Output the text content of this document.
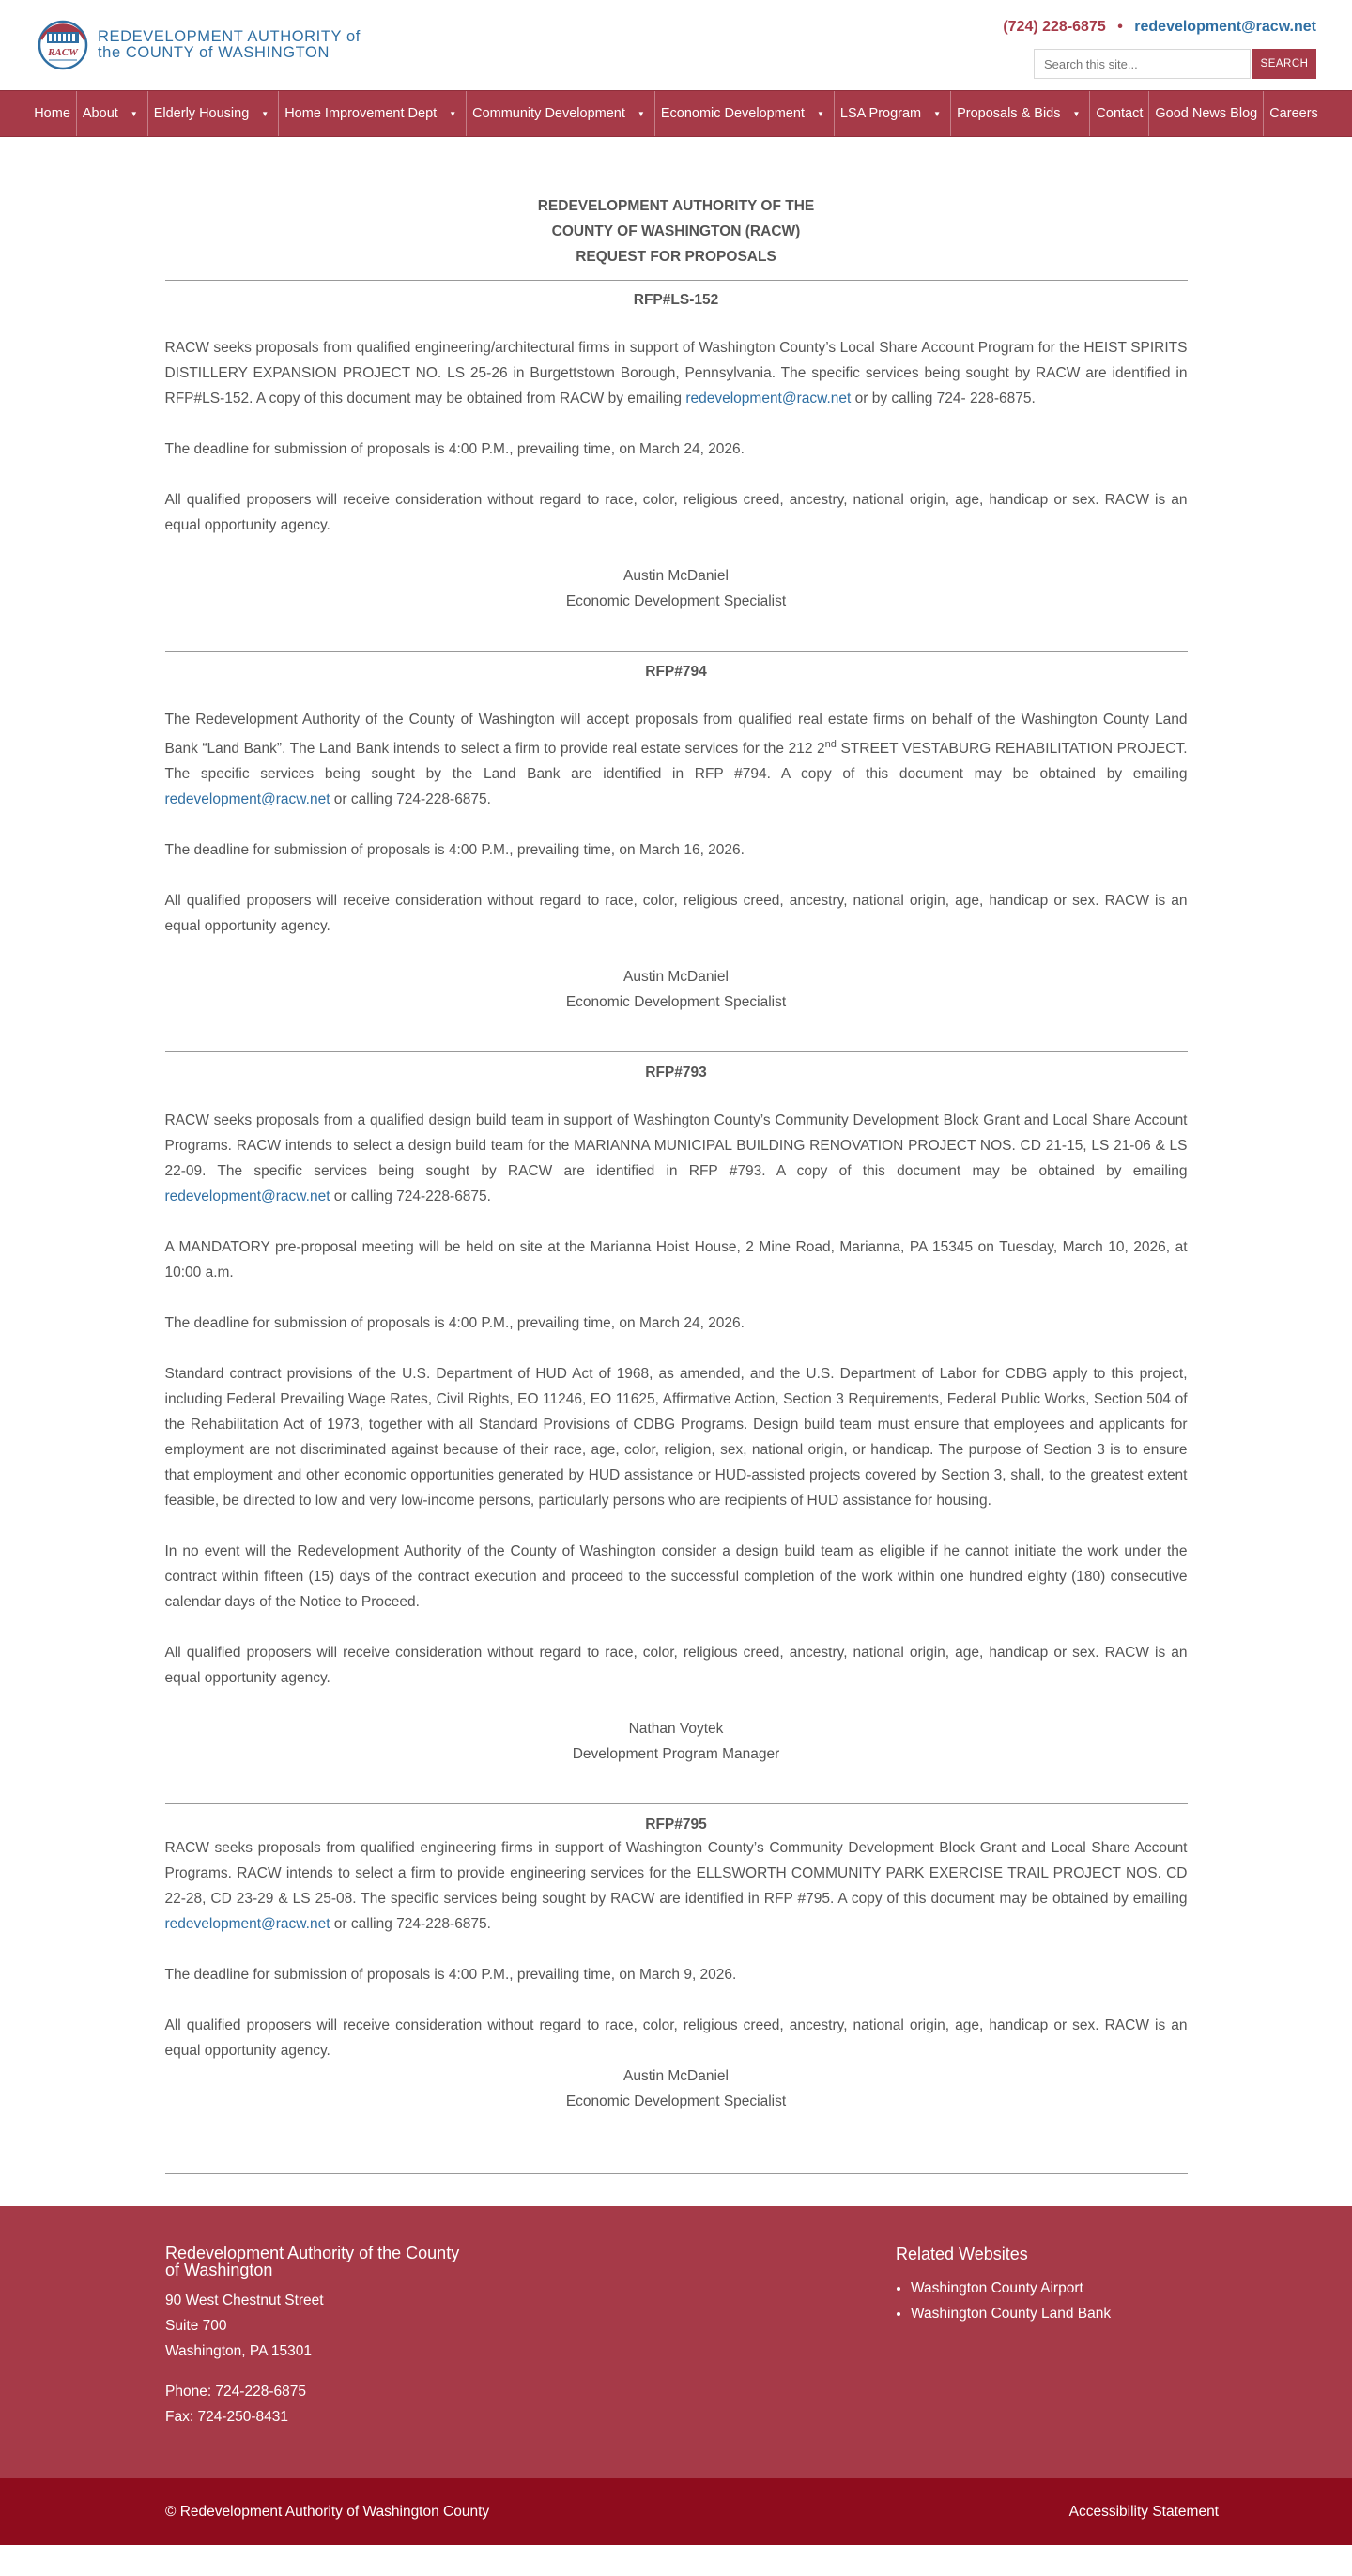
RACW
REDEVELOPMENT AUTHORITY of
the COUNTY of WASHINGTON
(724) 228-6875 • redevelopment@racw.net
Search this site...
SEARCH
Home About ▼ Elderly Housing ▼ Home Improvement Dept ▼ Community Development ▼ Economic Development ▼ LSA Program ▼ Proposals & Bids ▼ Contact Good News Blog Careers
REDEVELOPMENT AUTHORITY OF THE
COUNTY OF WASHINGTON (RACW)
REQUEST FOR PROPOSALS
RFP#LS-152

RACW seeks proposals from qualified engineering/architectural firms in support of Washington County’s Local Share Account Program for the HEIST SPIRITS DISTILLERY EXPANSION PROJECT NO. LS 25-26 in Burgettstown Borough, Pennsylvania. The specific services being sought by RACW are identified in RFP#LS-152. A copy of this document may be obtained from RACW by emailing redevelopment@racw.net or by calling 724- 228-6875.

The deadline for submission of proposals is 4:00 P.M., prevailing time, on March 24, 2026.

All qualified proposers will receive consideration without regard to race, color, religious creed, ancestry, national origin, age, handicap or sex. RACW is an equal opportunity agency.

Austin McDaniel
Economic Development Specialist
RFP#794

The Redevelopment Authority of the County of Washington will accept proposals from qualified real estate firms on behalf of the Washington County Land Bank “Land Bank”. The Land Bank intends to select a firm to provide real estate services for the 212 2nd STREET VESTABURG REHABILITATION PROJECT. The specific services being sought by the Land Bank are identified in RFP #794. A copy of this document may be obtained by emailing redevelopment@racw.net or calling 724-228-6875.

The deadline for submission of proposals is 4:00 P.M., prevailing time, on March 16, 2026.

All qualified proposers will receive consideration without regard to race, color, religious creed, ancestry, national origin, age, handicap or sex. RACW is an equal opportunity agency.

Austin McDaniel
Economic Development Specialist
RFP#793

RACW seeks proposals from a qualified design build team in support of Washington County’s Community Development Block Grant and Local Share Account Programs. RACW intends to select a design build team for the MARIANNA MUNICIPAL BUILDING RENOVATION PROJECT NOS. CD 21-15, LS 21-06 & LS 22-09. The specific services being sought by RACW are identified in RFP #793. A copy of this document may be obtained by emailing redevelopment@racw.net or calling 724-228-6875.

A MANDATORY pre-proposal meeting will be held on site at the Marianna Hoist House, 2 Mine Road, Marianna, PA 15345 on Tuesday, March 10, 2026, at 10:00 a.m.

The deadline for submission of proposals is 4:00 P.M., prevailing time, on March 24, 2026.

Standard contract provisions of the U.S. Department of HUD Act of 1968, as amended, and the U.S. Department of Labor for CDBG apply to this project, including Federal Prevailing Wage Rates, Civil Rights, EO 11246, EO 11625, Affirmative Action, Section 3 Requirements, Federal Public Works, Section 504 of the Rehabilitation Act of 1973, together with all Standard Provisions of CDBG Programs. Design build team must ensure that employees and applicants for employment are not discriminated against because of their race, age, color, religion, sex, national origin, or handicap. The purpose of Section 3 is to ensure that employment and other economic opportunities generated by HUD assistance or HUD-assisted projects covered by Section 3, shall, to the greatest extent feasible, be directed to low and very low-income persons, particularly persons who are recipients of HUD assistance for housing.

In no event will the Redevelopment Authority of the County of Washington consider a design build team as eligible if he cannot initiate the work under the contract within fifteen (15) days of the contract execution and proceed to the successful completion of the work within one hundred eighty (180) consecutive calendar days of the Notice to Proceed.

All qualified proposers will receive consideration without regard to race, color, religious creed, ancestry, national origin, age, handicap or sex. RACW is an equal opportunity agency.

Nathan Voytek
Development Program Manager
RFP#795

RACW seeks proposals from qualified engineering firms in support of Washington County’s Community Development Block Grant and Local Share Account Programs. RACW intends to select a firm to provide engineering services for the ELLSWORTH COMMUNITY PARK EXERCISE TRAIL PROJECT NOS. CD 22-28, CD 23-29 & LS 25-08. The specific services being sought by RACW are identified in RFP #795. A copy of this document may be obtained by emailing redevelopment@racw.net or calling 724-228-6875.

The deadline for submission of proposals is 4:00 P.M., prevailing time, on March 9, 2026.

All qualified proposers will receive consideration without regard to race, color, religious creed, ancestry, national origin, age, handicap or sex. RACW is an equal opportunity agency.

Austin McDaniel
Economic Development Specialist
Redevelopment Authority of the County
of Washington
90 West Chestnut Street
Suite 700
Washington, PA 15301
Phone: 724-228-6875
Fax: 724-250-8431
Related Websites
• Washington County Airport
• Washington County Land Bank
© Redevelopment Authority of Washington County	Accessibility Statement
